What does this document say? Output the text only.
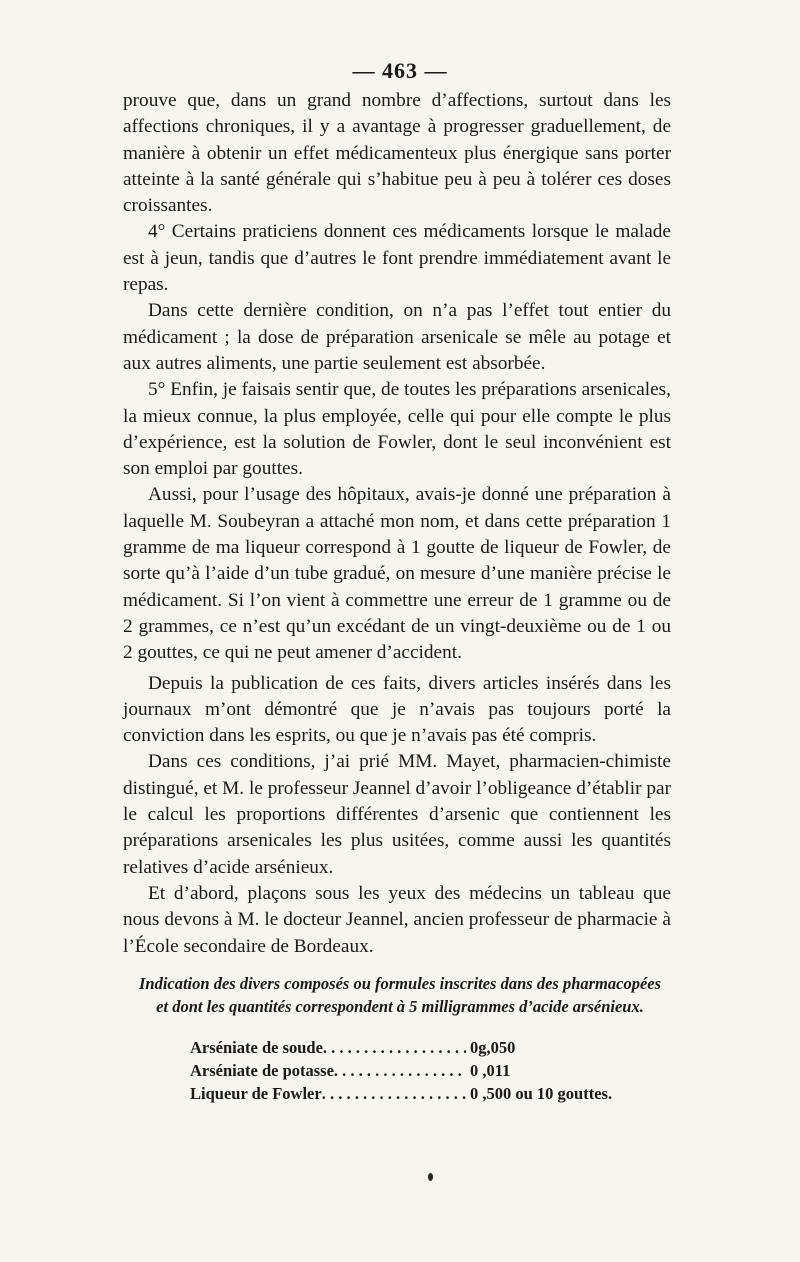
— 463 —

prouve que, dans un grand nombre d’affections, surtout dans les affections chroniques, il y a avantage à progresser graduellement, de manière à obtenir un effet médicamenteux plus énergique sans porter atteinte à la santé générale qui s’habitue peu à peu à tolérer ces doses croissantes.

4° Certains praticiens donnent ces médicaments lorsque le malade est à jeun, tandis que d’autres le font prendre immédiatement avant le repas.

Dans cette dernière condition, on n’a pas l’effet tout entier du médicament ; la dose de préparation arsenicale se mêle au potage et aux autres aliments, une partie seulement est absorbée.

5° Enfin, je faisais sentir que, de toutes les préparations arsenicales, la mieux connue, la plus employée, celle qui pour elle compte le plus d’expérience, est la solution de Fowler, dont le seul inconvénient est son emploi par gouttes.

Aussi, pour l’usage des hôpitaux, avais-je donné une préparation à laquelle M. Soubeyran a attaché mon nom, et dans cette préparation 1 gramme de ma liqueur correspond à 1 goutte de liqueur de Fowler, de sorte qu’à l’aide d’un tube gradué, on mesure d’une manière précise le médicament. Si l’on vient à commettre une erreur de 1 gramme ou de 2 grammes, ce n’est qu’un excédant de un vingt-deuxième ou de 1 ou 2 gouttes, ce qui ne peut amener d’accident.

Depuis la publication de ces faits, divers articles insérés dans les journaux m’ont démontré que je n’avais pas toujours porté la conviction dans les esprits, ou que je n’avais pas été compris.

Dans ces conditions, j’ai prié MM. Mayet, pharmacien-chimiste distingué, et M. le professeur Jeannel d’avoir l’obligeance d’établir par le calcul les proportions différentes d’arsenic que contiennent les préparations arsenicales les plus usitées, comme aussi les quantités relatives d’acide arsénieux.

Et d’abord, plaçons sous les yeux des médecins un tableau que nous devons à M. le docteur Jeannel, ancien professeur de pharmacie à l’École secondaire de Bordeaux.

Indication des divers composés ou formules inscrites dans des pharmacopées
et dont les quantités correspondent à 5 milligrammes d’acide arsénieux.
Arséniate de soude . . .	0g,050
Arséniate de potasse . . .	0 ,011
Liqueur de Fowler . . .	0 ,500 ou 10 gouttes.
